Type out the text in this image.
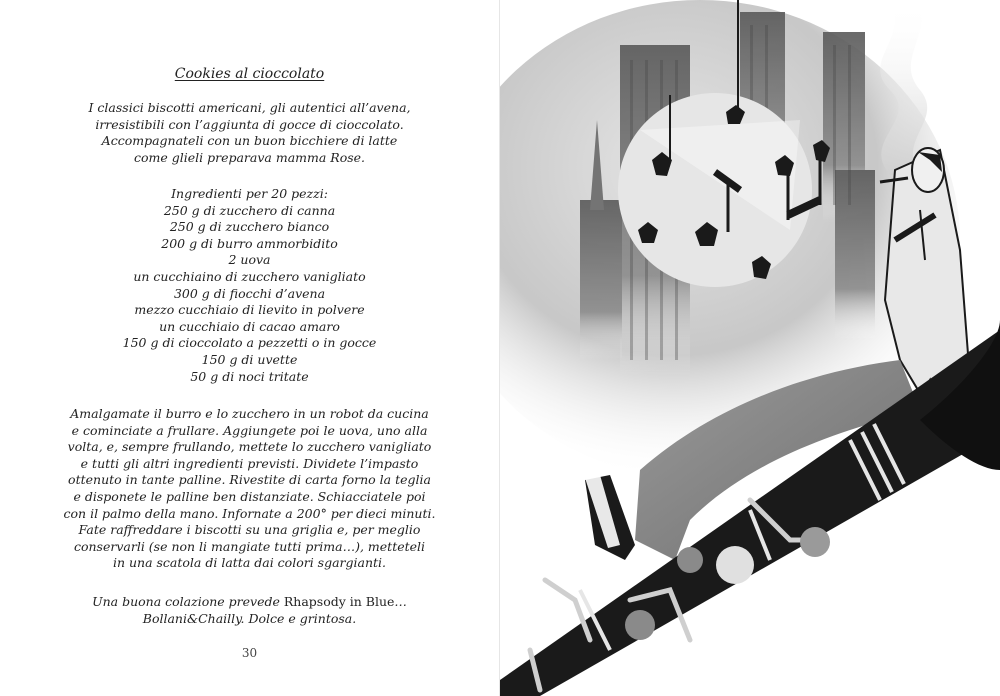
Cookies al cioccolato
I classici biscotti americani, gli autentici all’avena,
irresistibili con l’aggiunta di gocce di cioccolato.
Accompagnateli con un buon bicchiere di latte
come glieli preparava mamma Rose.
Ingredienti per 20 pezzi:
250 g di zucchero di canna
250 g di zucchero bianco
200 g di burro ammorbidito
2 uova
un cucchiaino di zucchero vanigliato
300 g di fiocchi d’avena
mezzo cucchiaio di lievito in polvere
un cucchiaio di cacao amaro
150 g di cioccolato a pezzetti o in gocce
150 g di uvette
50 g di noci tritate
Amalgamate il burro e lo zucchero in un robot da cucina
e cominciate a frullare. Aggiungete poi le uova, uno alla
volta, e, sempre frullando, mettete lo zucchero vanigliato
e tutti gli altri ingredienti previsti. Dividete l’impasto
ottenuto in tante palline. Rivestite di carta forno la teglia
e disponete le palline ben distanziate. Schiacciatele poi
con il palmo della mano. Infornate a 200° per dieci minuti.
Fate raffreddare i biscotti su una griglia e, per meglio
conservarli (se non li mangiate tutti prima…), metteteli
in una scatola di latta dai colori sgargianti.
Una buona colazione prevede Rhapsody in Blue…
Bollani&Chailly. Dolce e grintosa.
30
